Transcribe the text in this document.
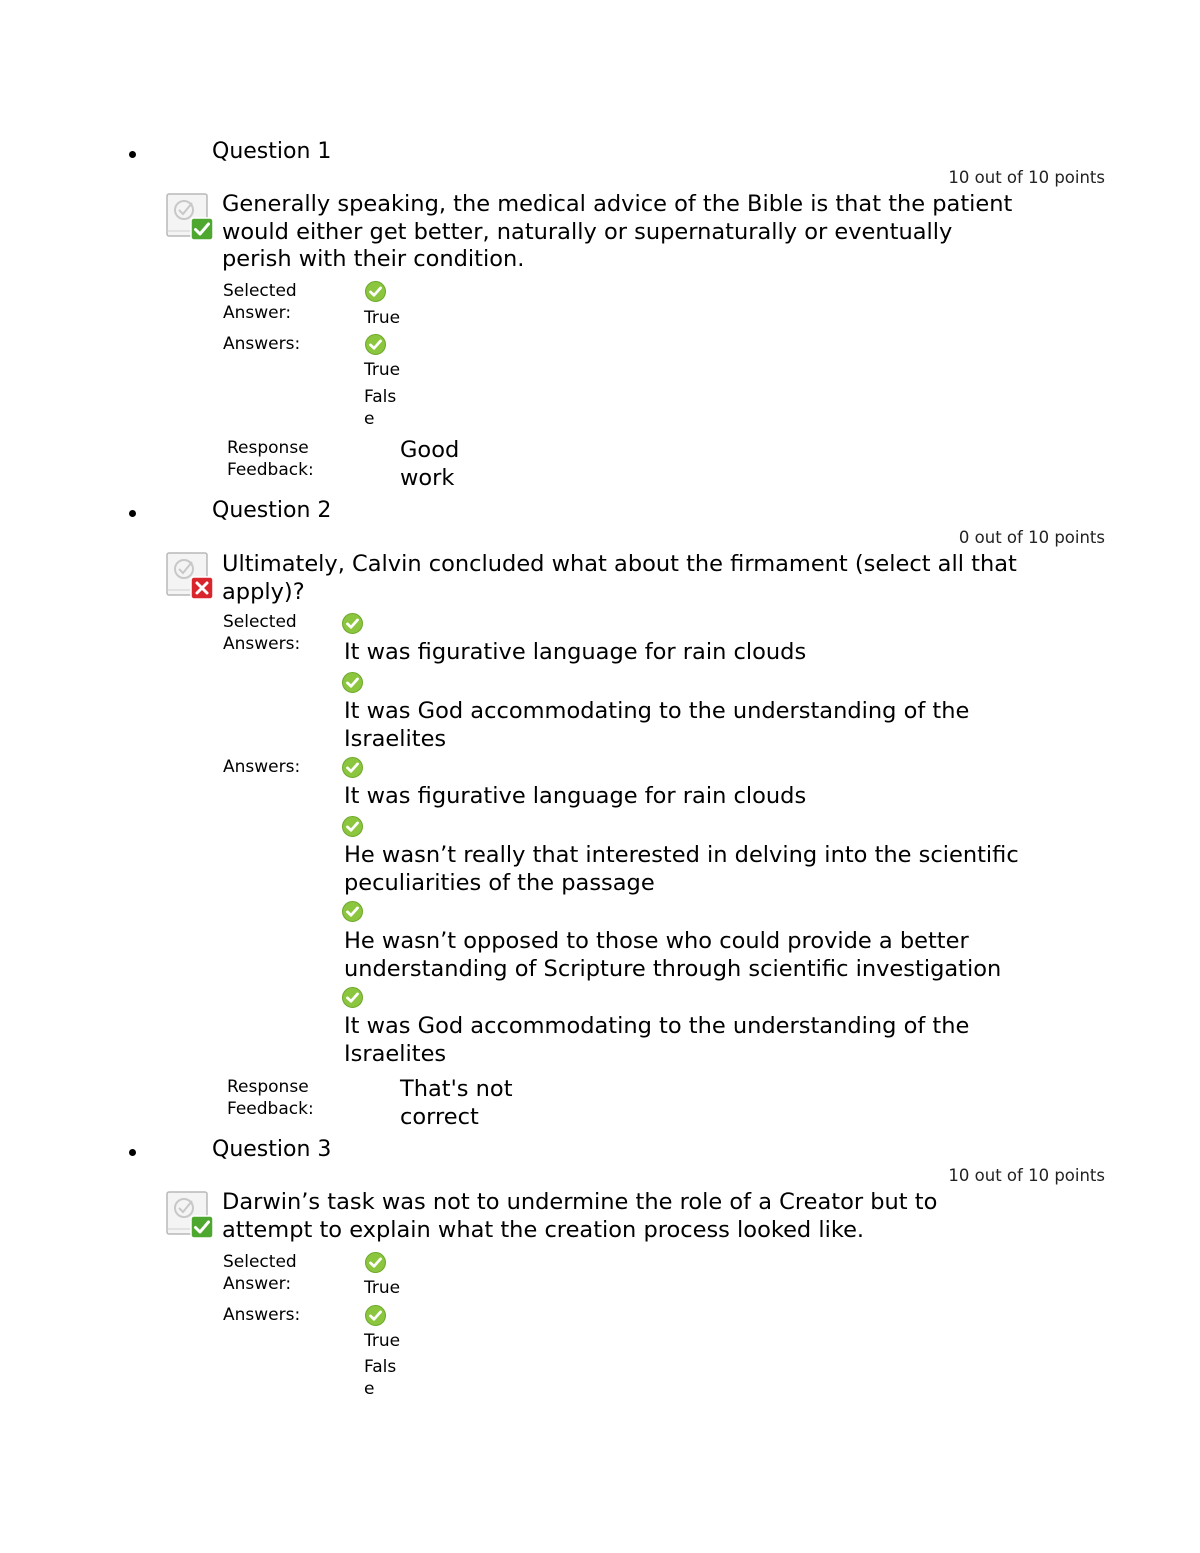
Question 1
10 out of 10 points
Generally speaking, the medical advice of the Bible is that the patient
would either get better, naturally or supernaturally or eventually
perish with their condition.
Selected
Answer:	True
Answers:
True
Fals
e
Response
Feedback:
Good
work
Question 2
0 out of 10 points
Ultimately, Calvin concluded what about the firmament (select all that
apply)?
Selected
Answers: It was figurative language for rain clouds
It was God accommodating to the understanding of the
Israelites
Answers:
It was figurative language for rain clouds
He wasn’t really that interested in delving into the scientific
peculiarities of the passage
He wasn’t opposed to those who could provide a better
understanding of Scripture through scientific investigation
It was God accommodating to the understanding of the
Israelites
Response
Feedback:
That's not
correct
Question 3
10 out of 10 points
Darwin’s task was not to undermine the role of a Creator but to
attempt to explain what the creation process looked like.
Selected
Answer:	True
Answers:
True
Fals
e
